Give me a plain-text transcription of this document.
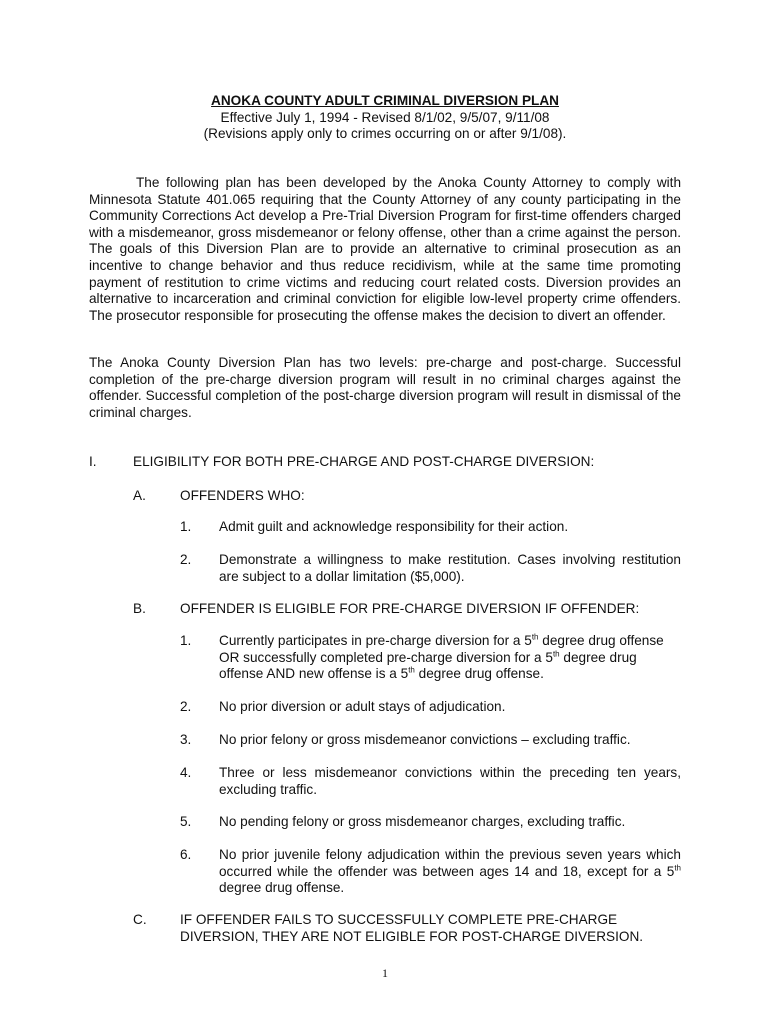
ANOKA COUNTY ADULT CRIMINAL DIVERSION PLAN
Effective July 1, 1994 - Revised 8/1/02, 9/5/07, 9/11/08
(Revisions apply only to crimes occurring on or after 9/1/08).
The following plan has been developed by the Anoka County Attorney to comply with Minnesota Statute 401.065 requiring that the County Attorney of any county participating in the Community Corrections Act develop a Pre-Trial Diversion Program for first-time offenders charged with a misdemeanor, gross misdemeanor or felony offense, other than a crime against the person. The goals of this Diversion Plan are to provide an alternative to criminal prosecution as an incentive to change behavior and thus reduce recidivism, while at the same time promoting payment of restitution to crime victims and reducing court related costs. Diversion provides an alternative to incarceration and criminal conviction for eligible low-level property crime offenders. The prosecutor responsible for prosecuting the offense makes the decision to divert an offender.
The Anoka County Diversion Plan has two levels: pre-charge and post-charge. Successful completion of the pre-charge diversion program will result in no criminal charges against the offender. Successful completion of the post-charge diversion program will result in dismissal of the criminal charges.
I.	ELIGIBILITY FOR BOTH PRE-CHARGE AND POST-CHARGE DIVERSION:
A.	OFFENDERS WHO:
1. Admit guilt and acknowledge responsibility for their action.
2. Demonstrate a willingness to make restitution. Cases involving restitution are subject to a dollar limitation ($5,000).
B.	OFFENDER IS ELIGIBLE FOR PRE-CHARGE DIVERSION IF OFFENDER:
1. Currently participates in pre-charge diversion for a 5th degree drug offense OR successfully completed pre-charge diversion for a 5th degree drug offense AND new offense is a 5th degree drug offense.
2. No prior diversion or adult stays of adjudication.
3. No prior felony or gross misdemeanor convictions – excluding traffic.
4. Three or less misdemeanor convictions within the preceding ten years, excluding traffic.
5. No pending felony or gross misdemeanor charges, excluding traffic.
6. No prior juvenile felony adjudication within the previous seven years which occurred while the offender was between ages 14 and 18, except for a 5th degree drug offense.
C. IF OFFENDER FAILS TO SUCCESSFULLY COMPLETE PRE-CHARGE DIVERSION, THEY ARE NOT ELIGIBLE FOR POST-CHARGE DIVERSION.
1
